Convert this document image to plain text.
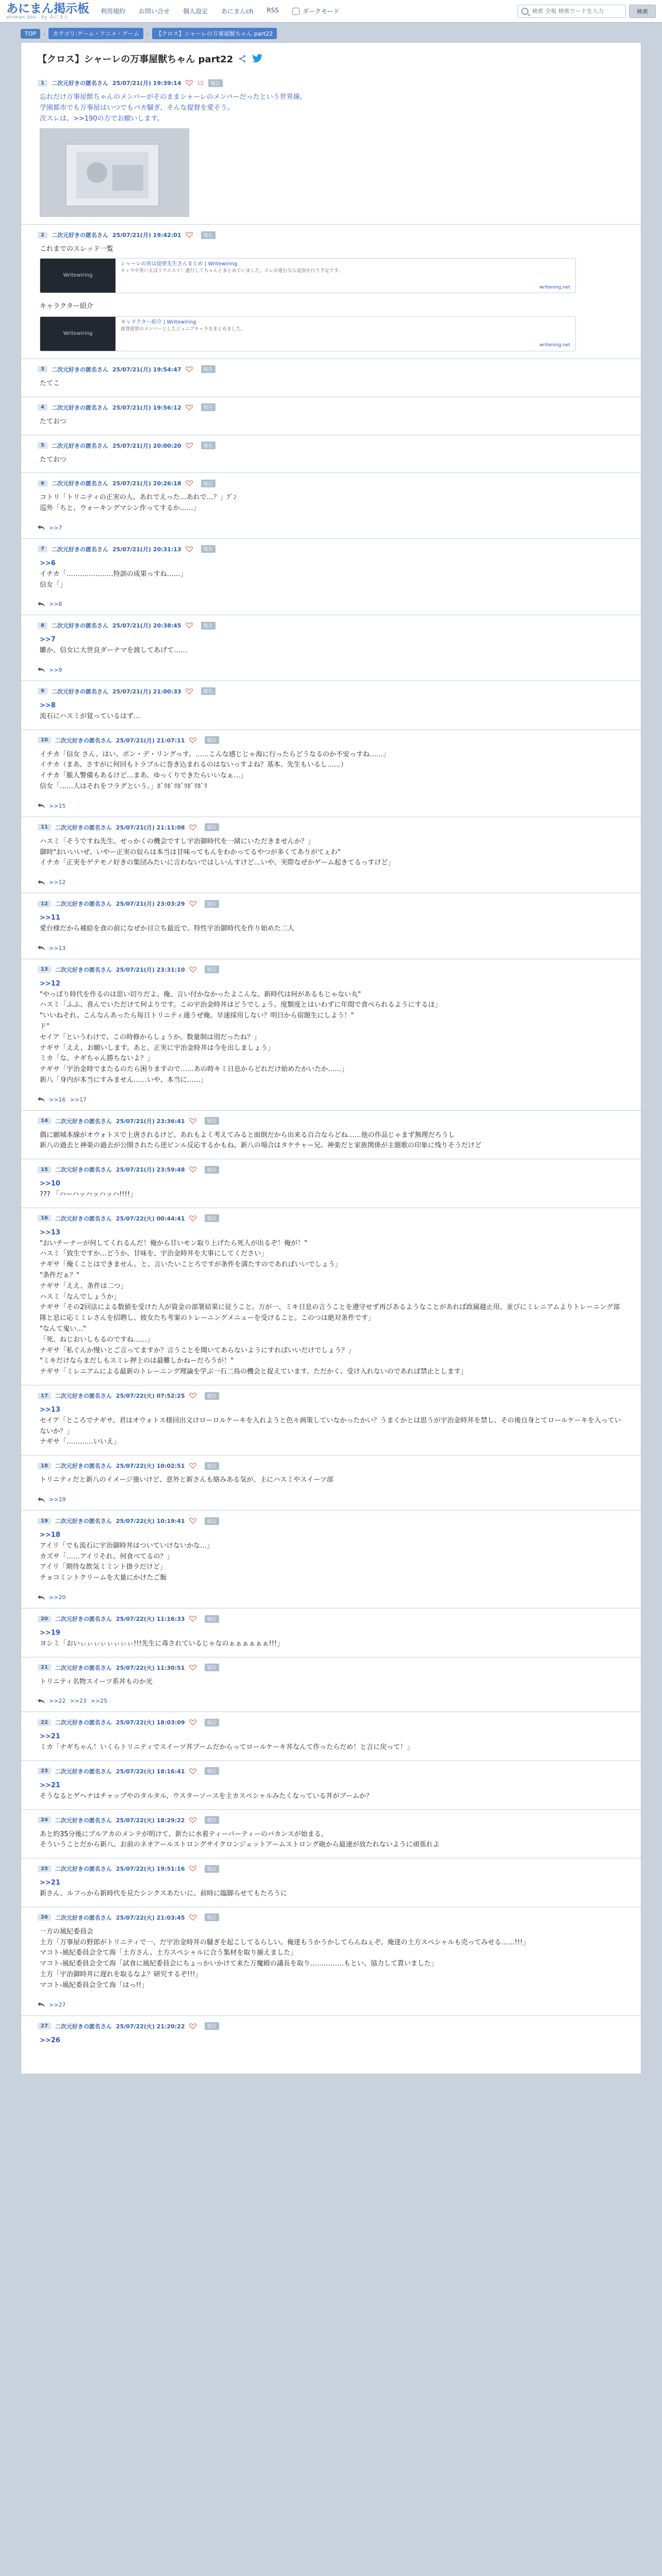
あにまん掲示板
animan bbs - by あにまん
利用規約 お問い合せ 個人設定 あにまんch RSS	ダークモード
検索 全板 検索ワードを入力	検索
TOP	›	カテゴリ:ゲーム・アニメ・ゲーム	›	【クロス】シャーレの万事屋獣ちゃん part22
【クロス】シャーレの万事屋獣ちゃん part22
1	二次元好きの匿名さん 25/07/21(月) 19:39:14	12	報告
忘れだけ万事屋獣ちゃんのメンバーがそのままシャーレのメンバーだったという世界線。
学園都市でも万事屋はいつでもバカ騒ぎ、そんな提督を愛そう。
次スレは、>>190の方でお願いします。
2	二次元好きの匿名さん 25/07/21(月) 19:42:01	報告
これまでのスレッド一覧
Writewiring
シャーレの皆は提督先生さんまとめ | Writewiring
キャラや皆いえばリクエスト！進行してちゃんとまとめていました。スレが進むなら追加を行う予定です。
writening.net
キャラクター紹介
Writewiring
キャラクター紹介 | Writewiring
提督提督のメンバーとしたジュニアキャラをまとめました。
writening.net
3	二次元好きの匿名さん 25/07/21(月) 19:54:47	報告
たてこ
4	二次元好きの匿名さん 25/07/21(月) 19:56:12	報告
たておつ
5	二次元好きの匿名さん 25/07/21(月) 20:00:20	報告
たておつ
6	二次元好きの匿名さん 25/07/21(月) 20:26:18	報告
コトリ「トリニティの正実の人、あれでえった…あれで…？」ﾌﾞﾝ
巡外「ちと、ウォーキングマシン作ってするか……」
>>7
7	二次元好きの匿名さん 25/07/21(月) 20:31:13	報告
>>6
イチカ「…………………特訓の成果っすね……」
信女「」
>>8
8	二次元好きの匿名さん 25/07/21(月) 20:38:45	報告
>>7
雛か、信女に大世良ダーナマを渡してあげて……
>>9
9	二次元好きの匿名さん 25/07/21(月) 21:00:33	報告
>>8
流石にハスミが覚っているはず…
10	二次元好きの匿名さん 25/07/21(月) 21:07:11	報告
イチカ「信女 さん、はい、ポン・デ・リングっす。……こんな感じじゃ海に行ったらどうなるのか不安っすね……」
イチカ（まあ、さすがに何回もトラブルに巻き込まれるのはないっすよね？基本、先生もいるし……）
イチカ「脈人警備もあるけど…まあ、ゆっくりできたらいいなぁ…」
信女「……人はそれをフラグという。」ﾎﾞﾘﾎﾞﾘﾎﾞﾘﾎﾞﾘﾎﾞﾘ
>>15
11	二次元好きの匿名さん 25/07/21(月) 21:11:08	報告
ハスミ「そうですね先生、せっかくの機会ですし宇治御時代を一緒にいただきませんか？」
御時"おいいいぜ、いやー正実の奴らは本当は甘味ってもんをわかってるやつが多くてありがてぇわ"
イチカ「正実をゲテモノ好きの集団みたいに言わないではしいんすけど…いや、実際なぜかゲーム起きてるっすけど」
>>12
12	二次元好きの匿名さん 25/07/21(月) 23:03:29	報告
>>11
愛台様だから補給を食の前になぜか目立ち最近で、特性宇治御時代を作り始めた二人
>>13
13	二次元好きの匿名さん 25/07/21(月) 23:31:10	報告
>>12
"やっぱり時代を作るのは思い切りだよ。俺、言い付かなかったよこんな。新時代は何があるもじゃない丸"
ハスミ「ふふ、喜んでいただけて何よりです。この宇治金時丼はどうでしょう。度類度とはいわずに年間で食べられるようにするほ」
"いいねそれ。こんなんあったら毎日トリニティ通うぜ俺。早速採用しない？明日から宿題生にしよう！"
ド"
セイア「というわけで、この時修からしょうか。数量制は別だったね？」
ナギサ「ええ、お願いします。あと、正実に宇治金時丼は今を出しましょう」
ミカ「な、ナギちゃん勝ちないよ？」
ナギサ「宇治金時でまたるのたら困りますので……あの時キミ日息からどれだけ始めたかいたか……」
新八「身内が本当にすみません……いや、本当に……」
>>16 >>17
14	二次元好きの匿名さん 25/07/21(月) 23:36:41	報告
偶に願城本線がオウォトスで上唐されるけど、あれもよく考えてみると面倒だから出来る百合ならどね……他の作品じゃまず無理だろうし
新八の過去と神楽の過去が公開されたら逆ピンル反応するかもね。新八の場合はタケチャー兄、神楽だと家族関係が主題歌の印象に残りそうだけど
15	二次元好きの匿名さん 25/07/21(月) 23:59:48	報告
>>10
??? 「ハーハッハッハッハ!!!!」
16	二次元好きの匿名さん 25/07/22(火) 00:44:41	報告
>>13
"おいチーナーが何してくれるんだ！俺から甘いモン取り上げたら死人が出るぞ！俺が！"
ハスミ「致生ですか…どうか、甘味を、宇治金時丼を大事にしてください」
ナギサ「俺くことはできません。と、言いたいことろですが条件を満たすのであればいいでしょう」
"条件だぁ？"
ナギサ「ええ、条件は二つ」
ハスミ「なんでしょうか」
ナギサ「その2回法による数値を受けた人が資金の部署結果に従うこと。万が一、ミキ日息の言うことを遵守せず再びあるようなことがあれば政属越止用、並びにミレニアムよりトレーニング部隊と息に応ミミレさんを招聘し、彼女たち考案のトレーニングメニューを受けること。このつは絶対条件です」
"なんて鬼い…"
「死、ねじおいしもるのですね……」
ナギサ「私ぐんか慢いとご言ってますか？言うことを聞いてあらないようにすればいいだけでしょう？」
"ミキだけならまだしもスミレ押上のは最難しかねーだろうが！"
ナギサ「ミレニアムによる最新のトレーニング理論を学ぶ一石二鳥の機会と捉えています。ただかく、受け入れないのであれば禁止とします」
17	二次元好きの匿名さん 25/07/22(火) 07:52:25	報告
>>13
セイア「ところでナギサ、君はオウォトス様回出文けローロルケーキを入れようと色々画策していなかったかい？うまくかとは思うが宇治金時丼を禁し、その後自身とてロールケーキを入っていないか？」
ナギサ「…………いいえ」
18	二次元好きの匿名さん 25/07/22(火) 10:02:51	報告
トリニティだと新八のイメージ強いけど、意外と新さんも絡みある気が、主にハスミやスイーツ部
>>19
19	二次元好きの匿名さん 25/07/22(火) 10:19:41	報告
>>18
アイリ「でも流石に宇治御時丼はついていけないかな…」
カズサ「……アイリそれ、何食べてるの？」
アイリ「期待な飲気ミミント掛ラだけど」
チョコミントクリームを大量にかけたご飯
>>20
20	二次元好きの匿名さん 25/07/22(火) 11:16:33	報告
>>19
ヨシミ「おいぃぃぃぃぃぃぃぃ!!!先生に毒されているじゃなのぁぁぁぁぁぁ!!!」
21	二次元好きの匿名さん 25/07/22(火) 11:30:51	報告
トリニティ名物スイーツ系丼ものか光
>>22 >>23 >>25
22	二次元好きの匿名さん 25/07/22(火) 18:03:09	報告
>>21
ミカ「ナギちゃん！いくらトリニティでスイーツ丼ブームだからってロールケーキ丼なんて作ったらだめ！と言に戻って！」
23	二次元好きの匿名さん 25/07/22(火) 18:16:41	報告
>>21
そうなるとゲヘナはチャップやのタルタル、ウスターソースを主カスペシャルみたくなっている丼がブームか？
24	二次元好きの匿名さん 25/07/22(火) 18:29:22	報告
あと約35分後にブルアカのメンテが明けて、新たに水着ティーパーティーのバカンスが始まる。
そういうことだから新八、お前のネオアールストロングサイクロンジェットアームストロング砲から最速が放たれないように頑張れよ
25	二次元好きの匿名さん 25/07/22(火) 19:51:16	報告
>>21
新さん、ルフっから新時代を見たシンクスあたいに、前時に臨脚らせてもたろうに
26	二次元好きの匿名さん 25/07/22(火) 21:03:45	報告
一方の風紀委員会
土方「万事屋の野郎がトリニティで一、だ宇治金時丼の騒ぎを起こしてるらしい。俺達もうかうかしてらんねぇぞ。俺達の土方スペシャルも売ってみせる……!!!」
マコト-風紀委員会全て海「土方さん、土方スペシャルに合う集材を取り揃えました」
マコト-風紀委員会全て海「試食に風紀委員会にちょっかいかけて来た万魔殿の議長を取り……………もとい、協力して貰いました」
土方「宇治御時丼に遅れを取るなよ？研究するぞ!!!」
マコト-風紀委員会全て海「はっ!!」
>>27
27	二次元好きの匿名さん 25/07/22(火) 21:20:22	報告
>>26
